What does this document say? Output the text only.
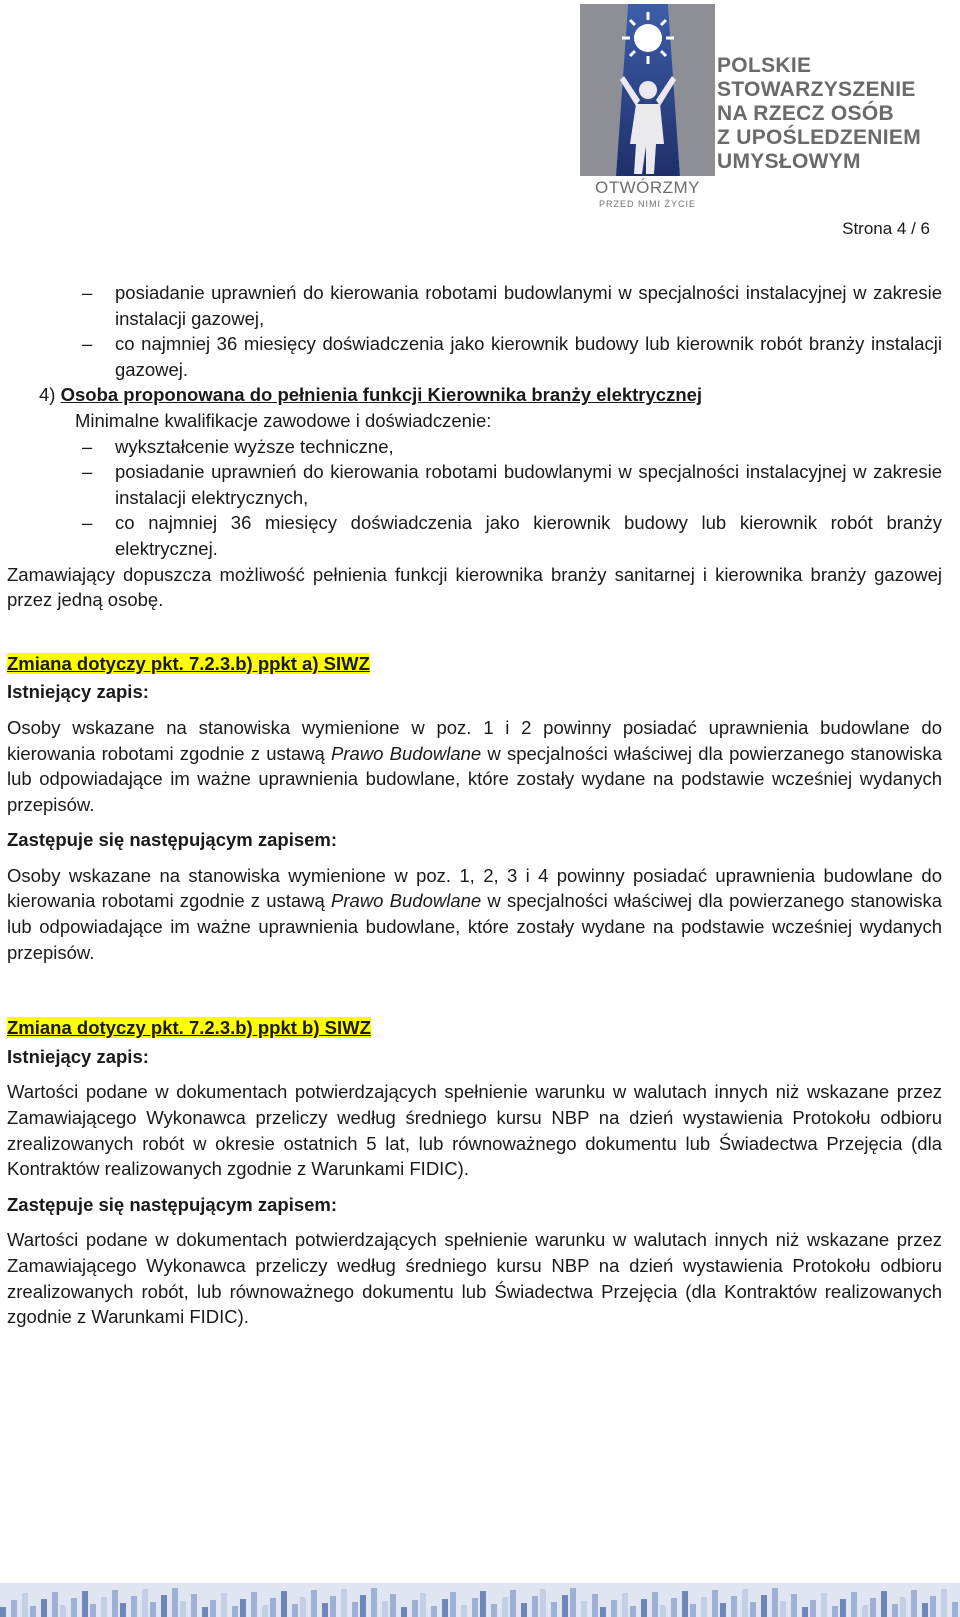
OTWÓRZMY
PRZED NIMI ŻYCIE
POLSKIE
STOWARZYSZENIE
NA RZECZ OSÓB
Z UPOŚLEDZENIEM
UMYSŁOWYM
Strona 4 / 6
–	posiadanie uprawnień do kierowania robotami budowlanymi w specjalności instalacyjnej w zakresie instalacji gazowej,
–	co najmniej 36 miesięcy doświadczenia jako kierownik budowy lub kierownik robót branży instalacji gazowej.
4) Osoba proponowana do pełnienia funkcji Kierownika branży elektrycznej
Minimalne kwalifikacje zawodowe i doświadczenie:
–	wykształcenie wyższe techniczne,
–	posiadanie uprawnień do kierowania robotami budowlanymi w specjalności instalacyjnej w zakresie instalacji elektrycznych,
–	co najmniej 36 miesięcy doświadczenia jako kierownik budowy lub kierownik robót branży elektrycznej.
Zamawiający dopuszcza możliwość pełnienia funkcji kierownika branży sanitarnej i kierownika branży gazowej przez jedną osobę.
Zmiana dotyczy pkt. 7.2.3.b) ppkt a) SIWZ
Istniejący zapis:
Osoby wskazane na stanowiska wymienione w poz. 1 i 2 powinny posiadać uprawnienia budowlane do kierowania robotami zgodnie z ustawą Prawo Budowlane w specjalności właściwej dla powierzanego stanowiska lub odpowiadające im ważne uprawnienia budowlane, które zostały wydane na podstawie wcześniej wydanych przepisów.
Zastępuje się następującym zapisem:
Osoby wskazane na stanowiska wymienione w poz. 1, 2, 3 i 4 powinny posiadać uprawnienia budowlane do kierowania robotami zgodnie z ustawą Prawo Budowlane w specjalności właściwej dla powierzanego stanowiska lub odpowiadające im ważne uprawnienia budowlane, które zostały wydane na podstawie wcześniej wydanych przepisów.
Zmiana dotyczy pkt. 7.2.3.b) ppkt b) SIWZ
Istniejący zapis:
Wartości podane w dokumentach potwierdzających spełnienie warunku w walutach innych niż wskazane przez Zamawiającego Wykonawca przeliczy według średniego kursu NBP na dzień wystawienia Protokołu odbioru zrealizowanych robót w okresie ostatnich 5 lat, lub równoważnego dokumentu lub Świadectwa Przejęcia (dla Kontraktów realizowanych zgodnie z Warunkami FIDIC).
Zastępuje się następującym zapisem:
Wartości podane w dokumentach potwierdzających spełnienie warunku w walutach innych niż wskazane przez Zamawiającego Wykonawca przeliczy według średniego kursu NBP na dzień wystawienia Protokołu odbioru zrealizowanych robót, lub równoważnego dokumentu lub Świadectwa Przejęcia (dla Kontraktów realizowanych zgodnie z Warunkami FIDIC).
